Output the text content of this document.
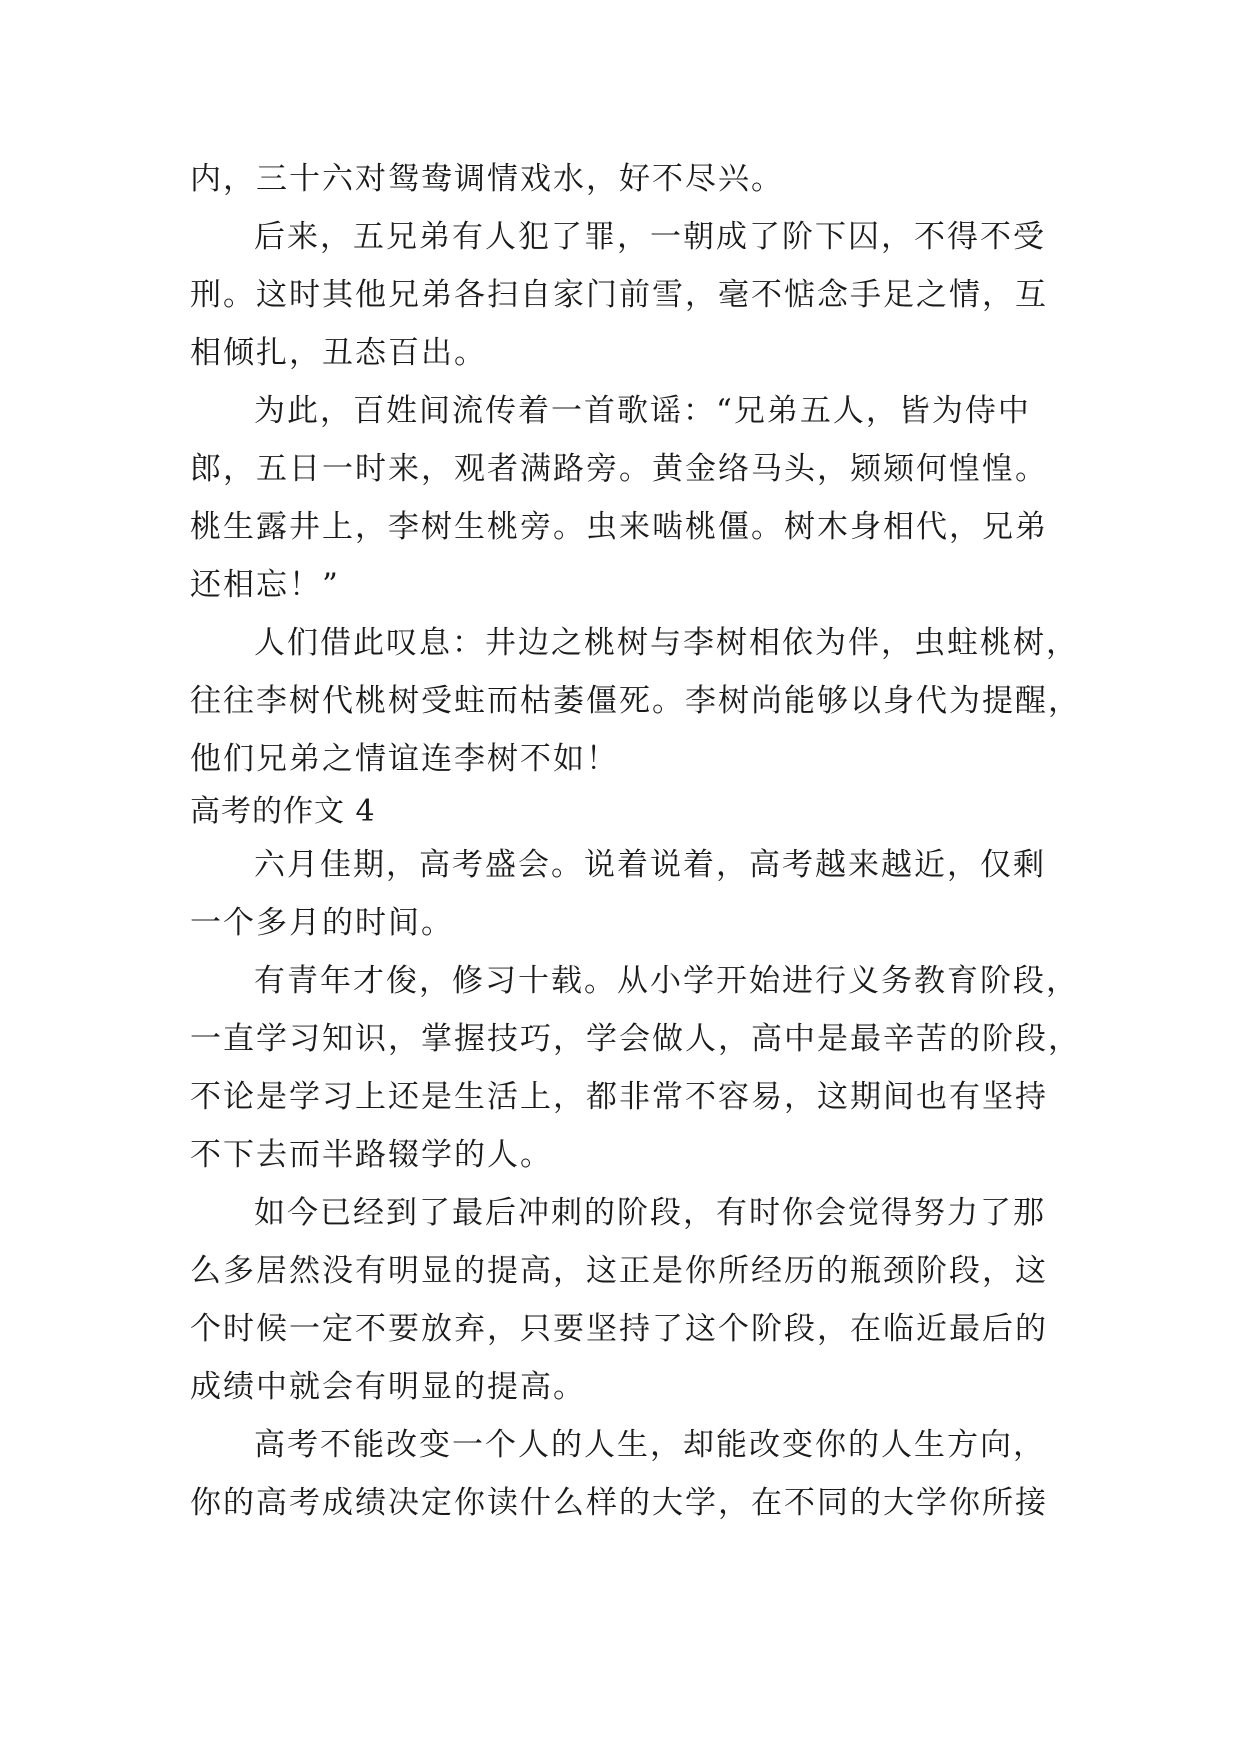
内，三十六对鸳鸯调情戏水，好不尽兴。
后来，五兄弟有人犯了罪，一朝成了阶下囚，不得不受
刑。这时其他兄弟各扫自家门前雪，毫不惦念手足之情，互
相倾扎，丑态百出。
为此，百姓间流传着一首歌谣：“兄弟五人，皆为侍中
郎，五日一时来，观者满路旁。黄金络马头，颎颎何惶惶。
桃生露井上，李树生桃旁。虫来啮桃僵。树木身相代，兄弟
还相忘！”
人们借此叹息：井边之桃树与李树相依为伴，虫蛀桃树，
往往李树代桃树受蛀而枯萎僵死。李树尚能够以身代为提醒，
他们兄弟之情谊连李树不如！
高考的作文 4
六月佳期，高考盛会。说着说着，高考越来越近，仅剩
一个多月的时间。
有青年才俊，修习十载。从小学开始进行义务教育阶段，
一直学习知识，掌握技巧，学会做人，高中是最辛苦的阶段，
不论是学习上还是生活上，都非常不容易，这期间也有坚持
不下去而半路辍学的人。
如今已经到了最后冲刺的阶段，有时你会觉得努力了那
么多居然没有明显的提高，这正是你所经历的瓶颈阶段，这
个时候一定不要放弃，只要坚持了这个阶段，在临近最后的
成绩中就会有明显的提高。
高考不能改变一个人的人生，却能改变你的人生方向，
你的高考成绩决定你读什么样的大学，在不同的大学你所接
